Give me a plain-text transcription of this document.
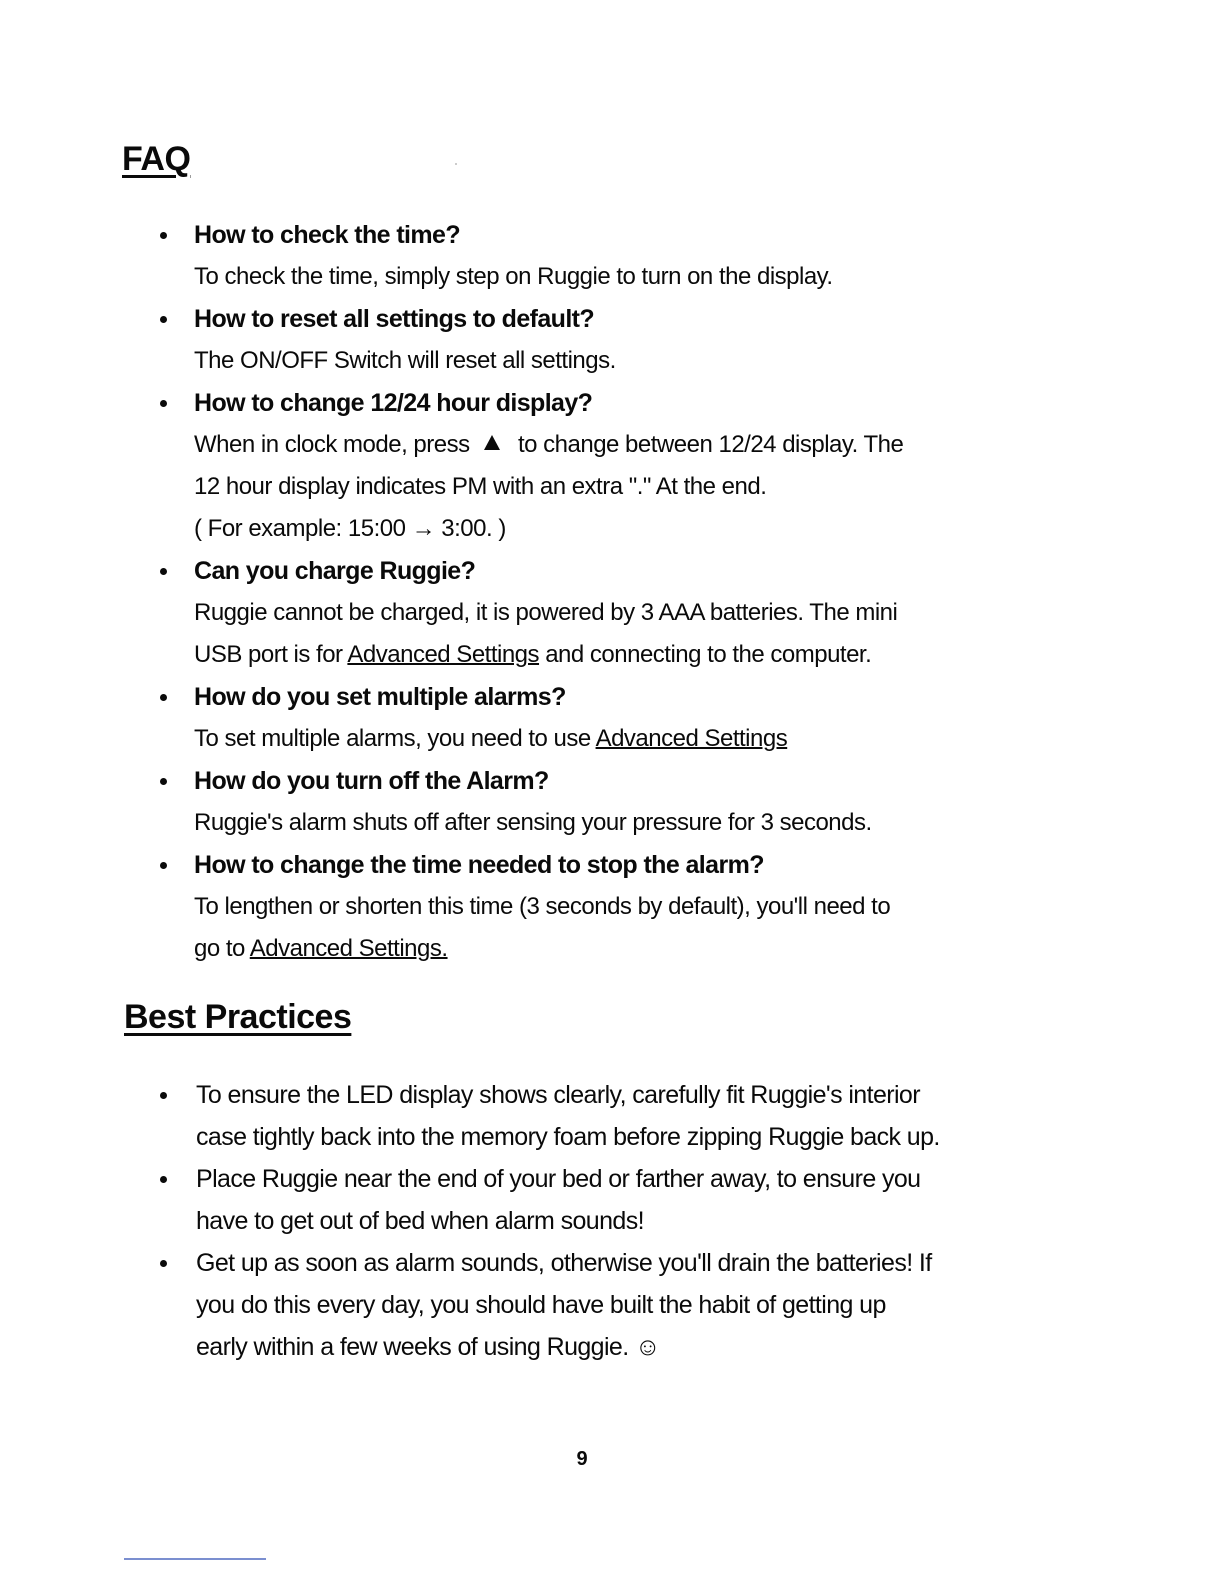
FAQ
How to check the time?
To check the time, simply step on Ruggie to turn on the display.
How to reset all settings to default?
The ON/OFF Switch will reset all settings.
How to change 12/24 hour display?
When in clock mode, press to change between 12/24 display. The
12 hour display indicates PM with an extra "." At the end.
( For example: 15:00 → 3:00. )
Can you charge Ruggie?
Ruggie cannot be charged, it is powered by 3 AAA batteries. The mini
USB port is for Advanced Settings and connecting to the computer.
How do you set multiple alarms?
To set multiple alarms, you need to use Advanced Settings
How do you turn off the Alarm?
Ruggie's alarm shuts off after sensing your pressure for 3 seconds.
How to change the time needed to stop the alarm?
To lengthen or shorten this time (3 seconds by default), you'll need to
go to Advanced Settings.
Best Practices
To ensure the LED display shows clearly, carefully fit Ruggie's interior
case tightly back into the memory foam before zipping Ruggie back up.
Place Ruggie near the end of your bed or farther away, to ensure you
have to get out of bed when alarm sounds!
Get up as soon as alarm sounds, otherwise you'll drain the batteries! If
you do this every day, you should have built the habit of getting up
early within a few weeks of using Ruggie. ☺
9
